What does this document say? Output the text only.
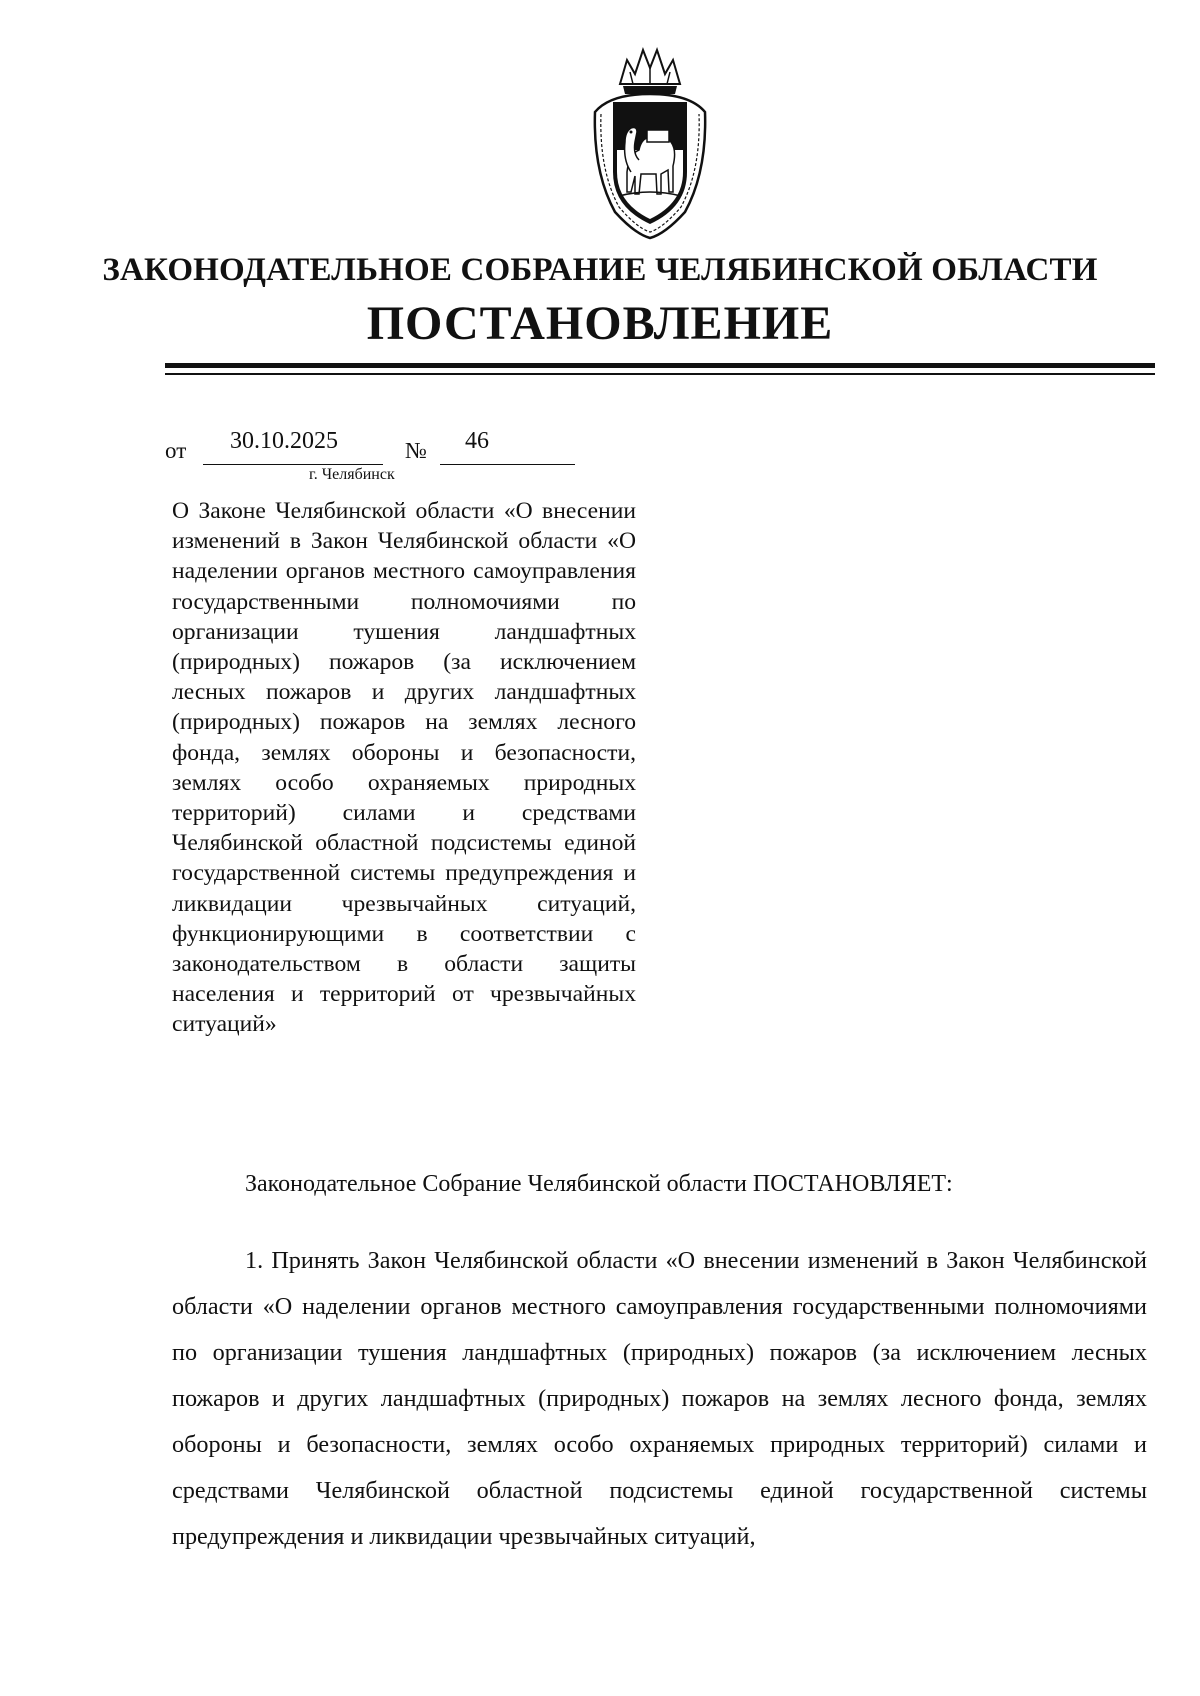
ЗАКОНОДАТЕЛЬНОЕ СОБРАНИЕ ЧЕЛЯБИНСКОЙ ОБЛАСТИ
ПОСТАНОВЛЕНИЕ
от 30.10.2025	№ 46
г. Челябинск
О Законе Челябинской области «О внесении изменений в Закон Челябинской области «О наделении органов местного самоуправления государственными полномочиями по организации тушения ландшафтных (природных) пожаров (за исключением лесных пожаров и других ландшафтных (природных) пожаров на землях лесного фонда, землях обороны и безопасности, землях особо охраняемых природных территорий) силами и средствами Челябинской областной подсистемы единой государственной системы предупреждения и ликвидации чрезвычайных ситуаций, функционирующими в соответствии с законодательством в области защиты населения и территорий от чрезвычайных ситуаций»
Законодательное Собрание Челябинской области ПОСТАНОВЛЯЕТ:
1. Принять Закон Челябинской области «О внесении изменений в Закон Челябинской области «О наделении органов местного самоуправления государственными полномочиями по организации тушения ландшафтных (природных) пожаров (за исключением лесных пожаров и других ландшафтных (природных) пожаров на землях лесного фонда, землях обороны и безопасности, землях особо охраняемых природных территорий) силами и средствами Челябинской областной подсистемы единой государственной системы предупреждения и ликвидации чрезвычайных ситуаций,
